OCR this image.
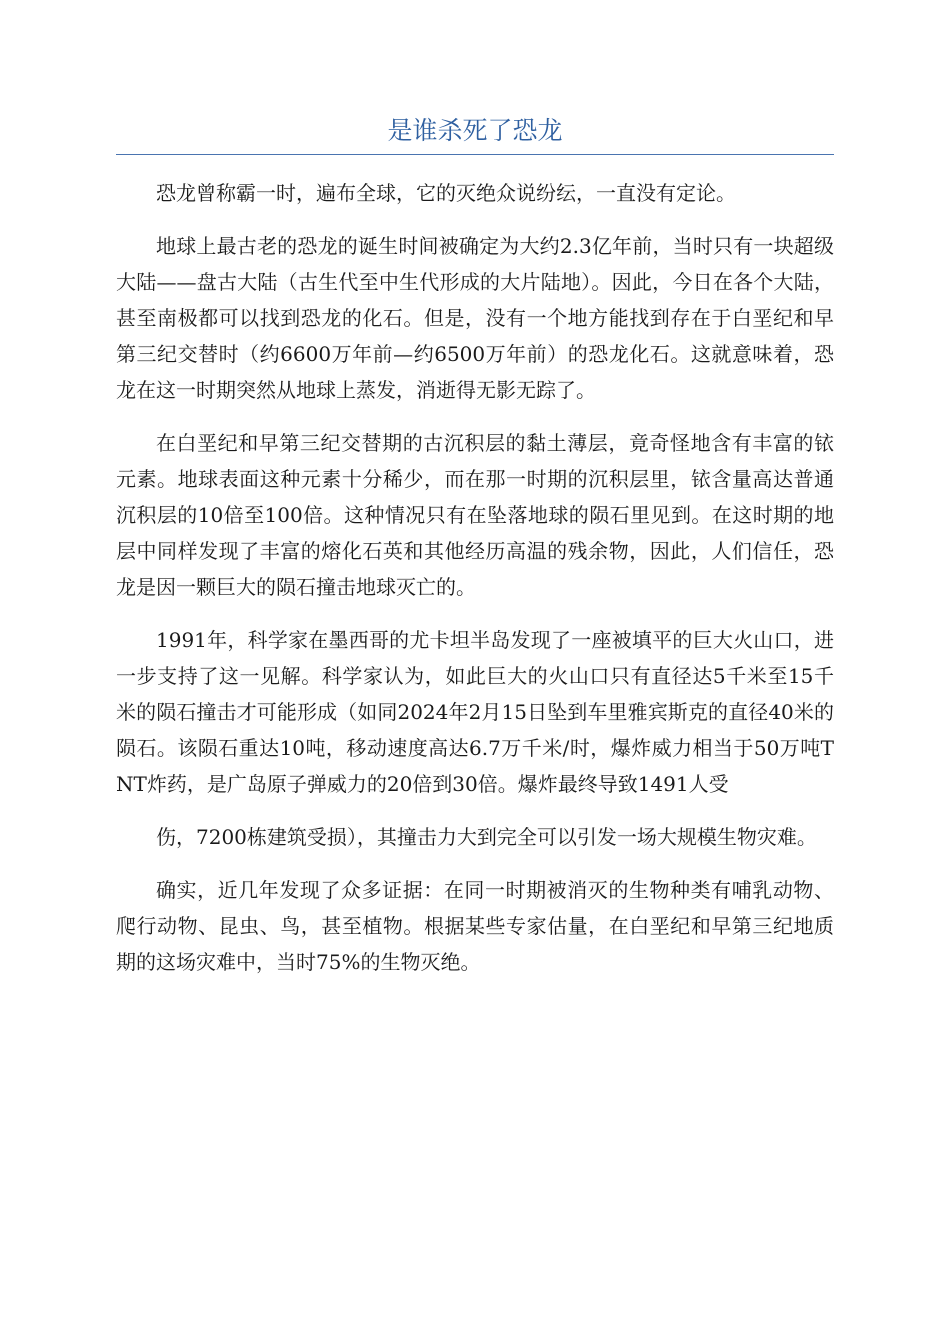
是谁杀死了恐龙

恐龙曾称霸一时，遍布全球，它的灭绝众说纷纭，一直没有定论。

地球上最古老的恐龙的诞生时间被确定为大约2.3亿年前，当时只有一块超级大陆——盘古大陆（古生代至中生代形成的大片陆地）。因此，今日在各个大陆，甚至南极都可以找到恐龙的化石。但是，没有一个地方能找到存在于白垩纪和早第三纪交替时（约6600万年前—约6500万年前）的恐龙化石。这就意味着，恐龙在这一时期突然从地球上蒸发，消逝得无影无踪了。

在白垩纪和早第三纪交替期的古沉积层的黏土薄层，竟奇怪地含有丰富的铱元素。地球表面这种元素十分稀少，而在那一时期的沉积层里，铱含量高达普通沉积层的10倍至100倍。这种情况只有在坠落地球的陨石里见到。在这时期的地层中同样发现了丰富的熔化石英和其他经历高温的残余物，因此，人们信任，恐龙是因一颗巨大的陨石撞击地球灭亡的。

1991年，科学家在墨西哥的尤卡坦半岛发现了一座被填平的巨大火山口，进一步支持了这一见解。科学家认为，如此巨大的火山口只有直径达5千米至15千米的陨石撞击才可能形成（如同2024年2月15日坠到车里雅宾斯克的直径40米的陨石。该陨石重达10吨，移动速度高达6.7万千米/时，爆炸威力相当于50万吨TNT炸药，是广岛原子弹威力的20倍到30倍。爆炸最终导致1491人受

伤，7200栋建筑受损），其撞击力大到完全可以引发一场大规模生物灾难。

确实，近几年发现了众多证据：在同一时期被消灭的生物种类有哺乳动物、爬行动物、昆虫、鸟，甚至植物。根据某些专家估量，在白垩纪和早第三纪地质期的这场灾难中，当时75%的生物灭绝。
